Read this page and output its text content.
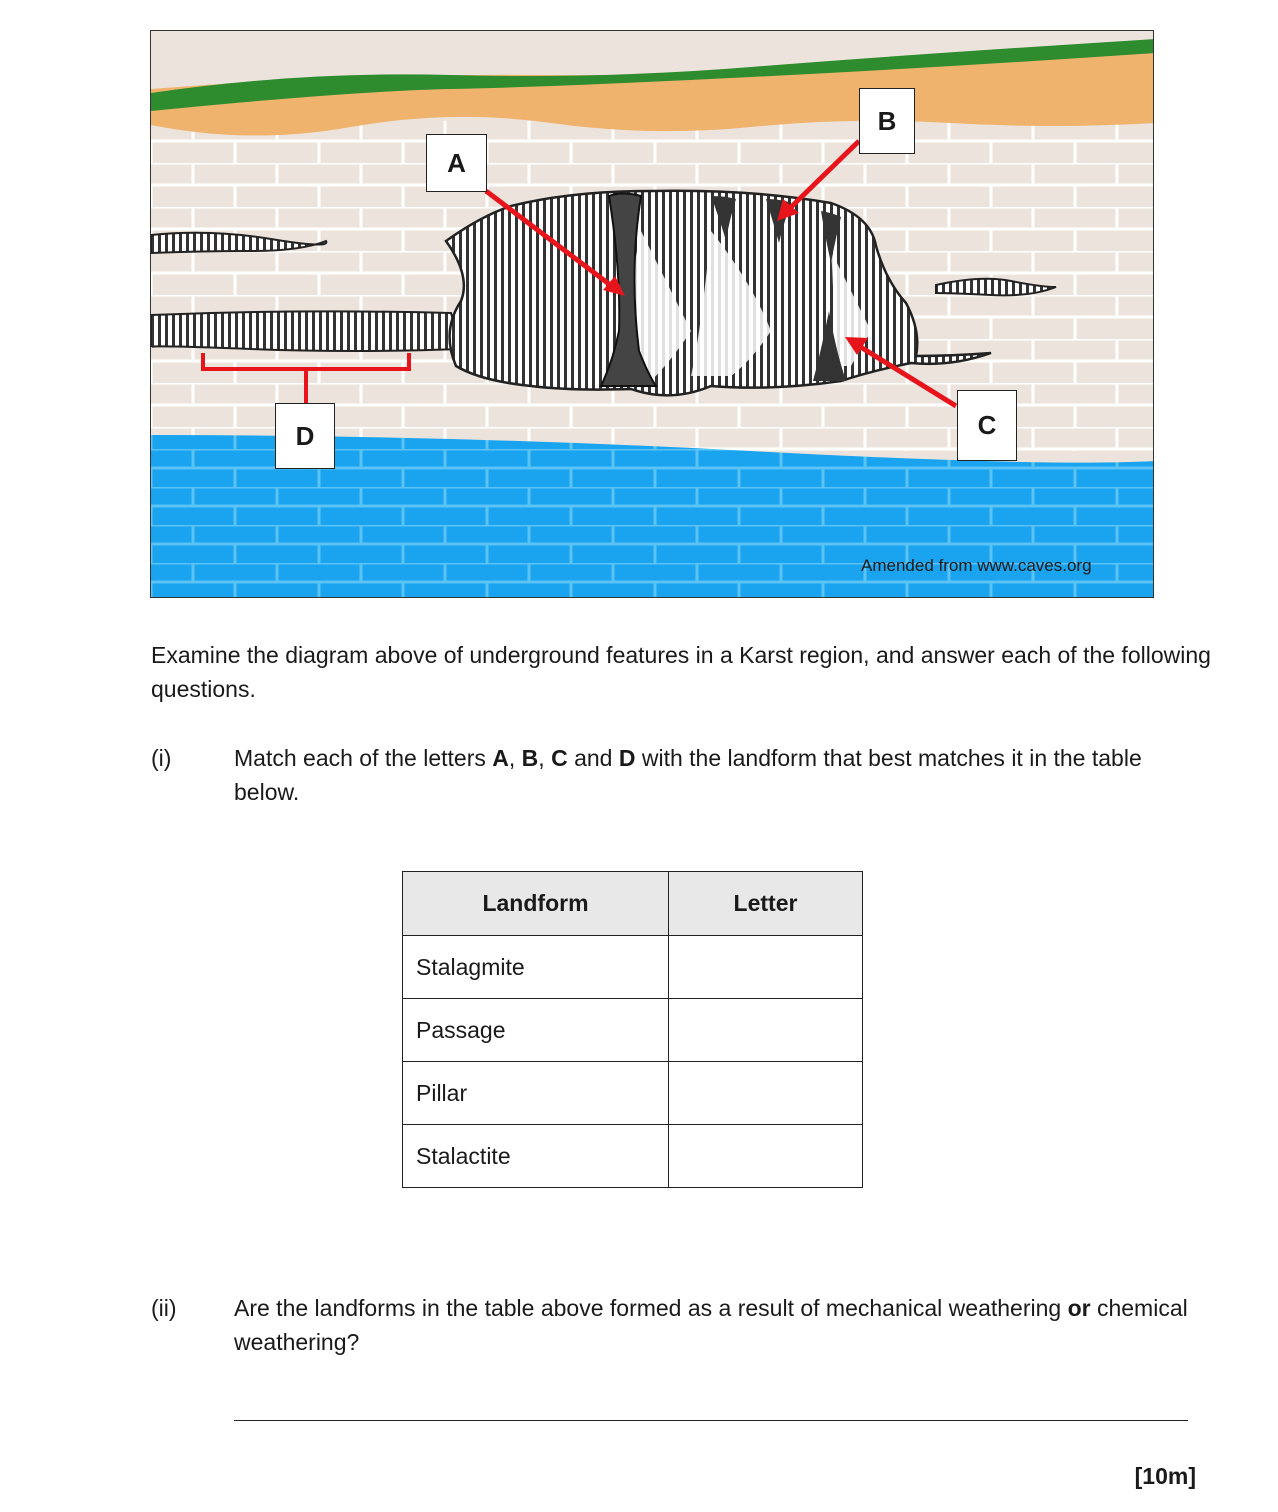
A
B
C
D
Amended from www.caves.org
Examine the diagram above of underground features in a Karst region, and answer each of the following questions.
(i)	Match each of the letters A, B, C and D with the landform that best matches it in the table below.
Landform	Letter
Stalagmite	
Passage	
Pillar	
Stalactite	
(ii) Are the landforms in the table above formed as a result of mechanical weathering or chemical weathering?
[10m]
